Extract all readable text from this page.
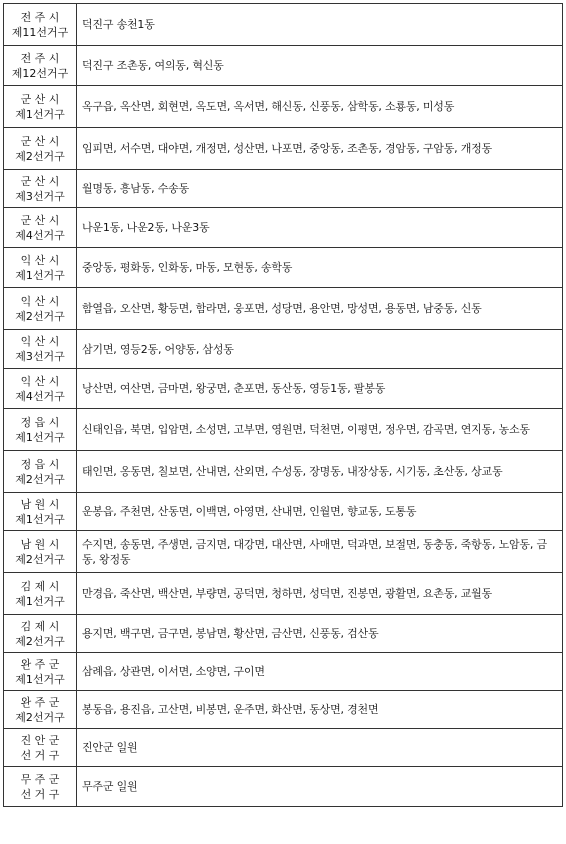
전 주 시
제11선거구	덕진구 송천1동

전 주 시
제12선거구	덕진구 조촌동, 여의동, 혁신동

군 산 시
제1선거구	옥구읍, 옥산면, 회현면, 옥도면, 옥서면, 해신동, 신풍동, 삼학동, 소룡동, 미성동

군 산 시
제2선거구	임피면, 서수면, 대야면, 개정면, 성산면, 나포면, 중앙동, 조촌동, 경암동, 구암동, 개정동

군 산 시
제3선거구	월명동, 흥남동, 수송동

군 산 시
제4선거구	나운1동, 나운2동, 나운3동

익 산 시
제1선거구	중앙동, 평화동, 인화동, 마동, 모현동, 송학동

익 산 시
제2선거구	함열읍, 오산면, 황등면, 함라면, 웅포면, 성당면, 용안면, 망성면, 용동면, 남중동, 신동

익 산 시
제3선거구	삼기면, 영등2동, 어양동, 삼성동

익 산 시
제4선거구	낭산면, 여산면, 금마면, 왕궁면, 춘포면, 동산동, 영등1동, 팔봉동

정 읍 시
제1선거구	신태인읍, 북면, 입암면, 소성면, 고부면, 영원면, 덕천면, 이평면, 정우면, 감곡면, 연지동, 농소동

정 읍 시
제2선거구	태인면, 옹동면, 칠보면, 산내면, 산외면, 수성동, 장명동, 내장상동, 시기동, 초산동, 상교동

남 원 시
제1선거구	운봉읍, 주천면, 산동면, 이백면, 아영면, 산내면, 인월면, 향교동, 도통동

남 원 시
제2선거구	수지면, 송동면, 주생면, 금지면, 대강면, 대산면, 사매면, 덕과면, 보절면, 동충동, 죽항동, 노암동, 금동, 왕정동

김 제 시
제1선거구	만경읍, 죽산면, 백산면, 부량면, 공덕면, 청하면, 성덕면, 진봉면, 광활면, 요촌동, 교월동

김 제 시
제2선거구	용지면, 백구면, 금구면, 봉남면, 황산면, 금산면, 신풍동, 검산동

완 주 군
제1선거구	삼례읍, 상관면, 이서면, 소양면, 구이면

완 주 군
제2선거구	봉동읍, 용진읍, 고산면, 비봉면, 운주면, 화산면, 동상면, 경천면

진 안 군
선 거 구	진안군 일원

무 주 군
선 거 구	무주군 일원
